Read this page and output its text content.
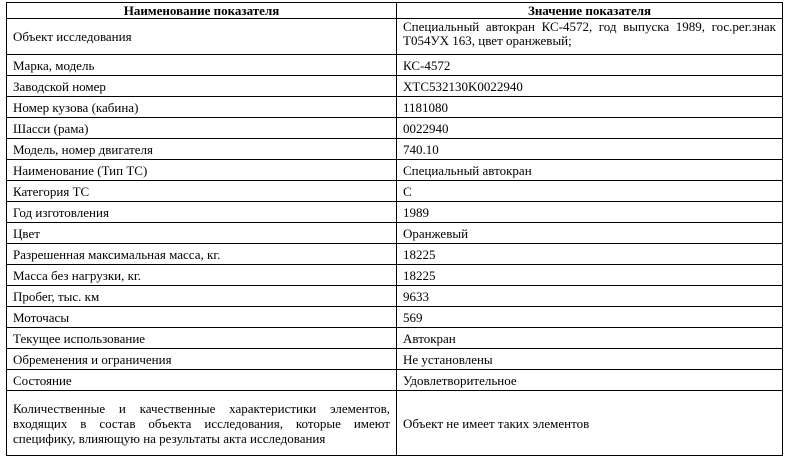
Наименование показателя	Значение показателя
Объект исследования	Специальный автокран КС-4572, год выпуска 1989, гос.рег.знак Т054УХ 163, цвет оранжевый;
Марка, модель	КС-4572
Заводской номер	XTC532130K0022940
Номер кузова (кабина)	1181080
Шасси (рама)	0022940
Модель, номер двигателя	740.10
Наименование (Тип ТС)	Специальный автокран
Категория ТС	С
Год изготовления	1989
Цвет	Оранжевый
Разрешенная максимальная масса, кг.	18225
Масса без нагрузки, кг.	18225
Пробег, тыс. км	9633
Моточасы	569
Текущее использование	Автокран
Обременения и ограничения	Не установлены
Состояние	Удовлетворительное
Количественные и качественные характеристики элементов, входящих в состав объекта исследования, которые имеют специфику, влияющую на результаты акта исследования	Объект не имеет таких элементов
